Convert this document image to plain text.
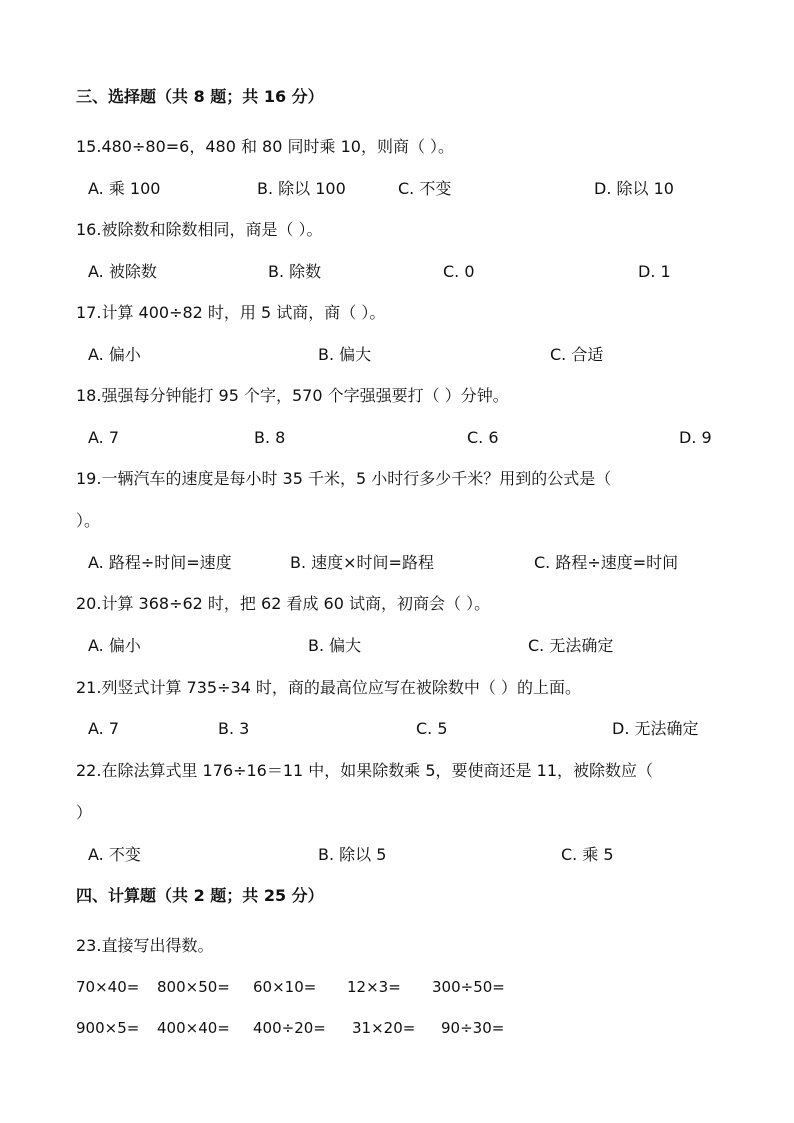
三、选择题（共 8 题；共 16 分）
15.480÷80=6，480 和 80 同时乘 10，则商（ ）。
A. 乘 100	B. 除以 100	C. 不变	D. 除以 10
16.被除数和除数相同，商是（ ）。
A. 被除数	B. 除数	C. 0	D. 1
17.计算 400÷82 时，用 5 试商，商（ ）。
A. 偏小	B. 偏大	C. 合适
18.强强每分钟能打 95 个字，570 个字强强要打（ ）分钟。
A. 7	B. 8	C. 6	D. 9
19.一辆汽车的速度是每小时 35 千米，5 小时行多少千米？用到的公式是（
）。
A. 路程÷时间=速度	B. 速度×时间=路程	C. 路程÷速度=时间
20.计算 368÷62 时，把 62 看成 60 试商，初商会（ ）。
A. 偏小	B. 偏大	C. 无法确定
21.列竖式计算 735÷34 时，商的最高位应写在被除数中（ ）的上面。
A. 7	B. 3	C. 5	D. 无法确定
22.在除法算式里 176÷16＝11 中，如果除数乘 5，要使商还是 11，被除数应（
）
A. 不变	B. 除以 5	C. 乘 5
四、计算题（共 2 题；共 25 分）
23.直接写出得数。
70×40= 800×50= 60×10= 12×3= 300÷50=
900×5= 400×40= 400÷20= 31×20= 90÷30=
